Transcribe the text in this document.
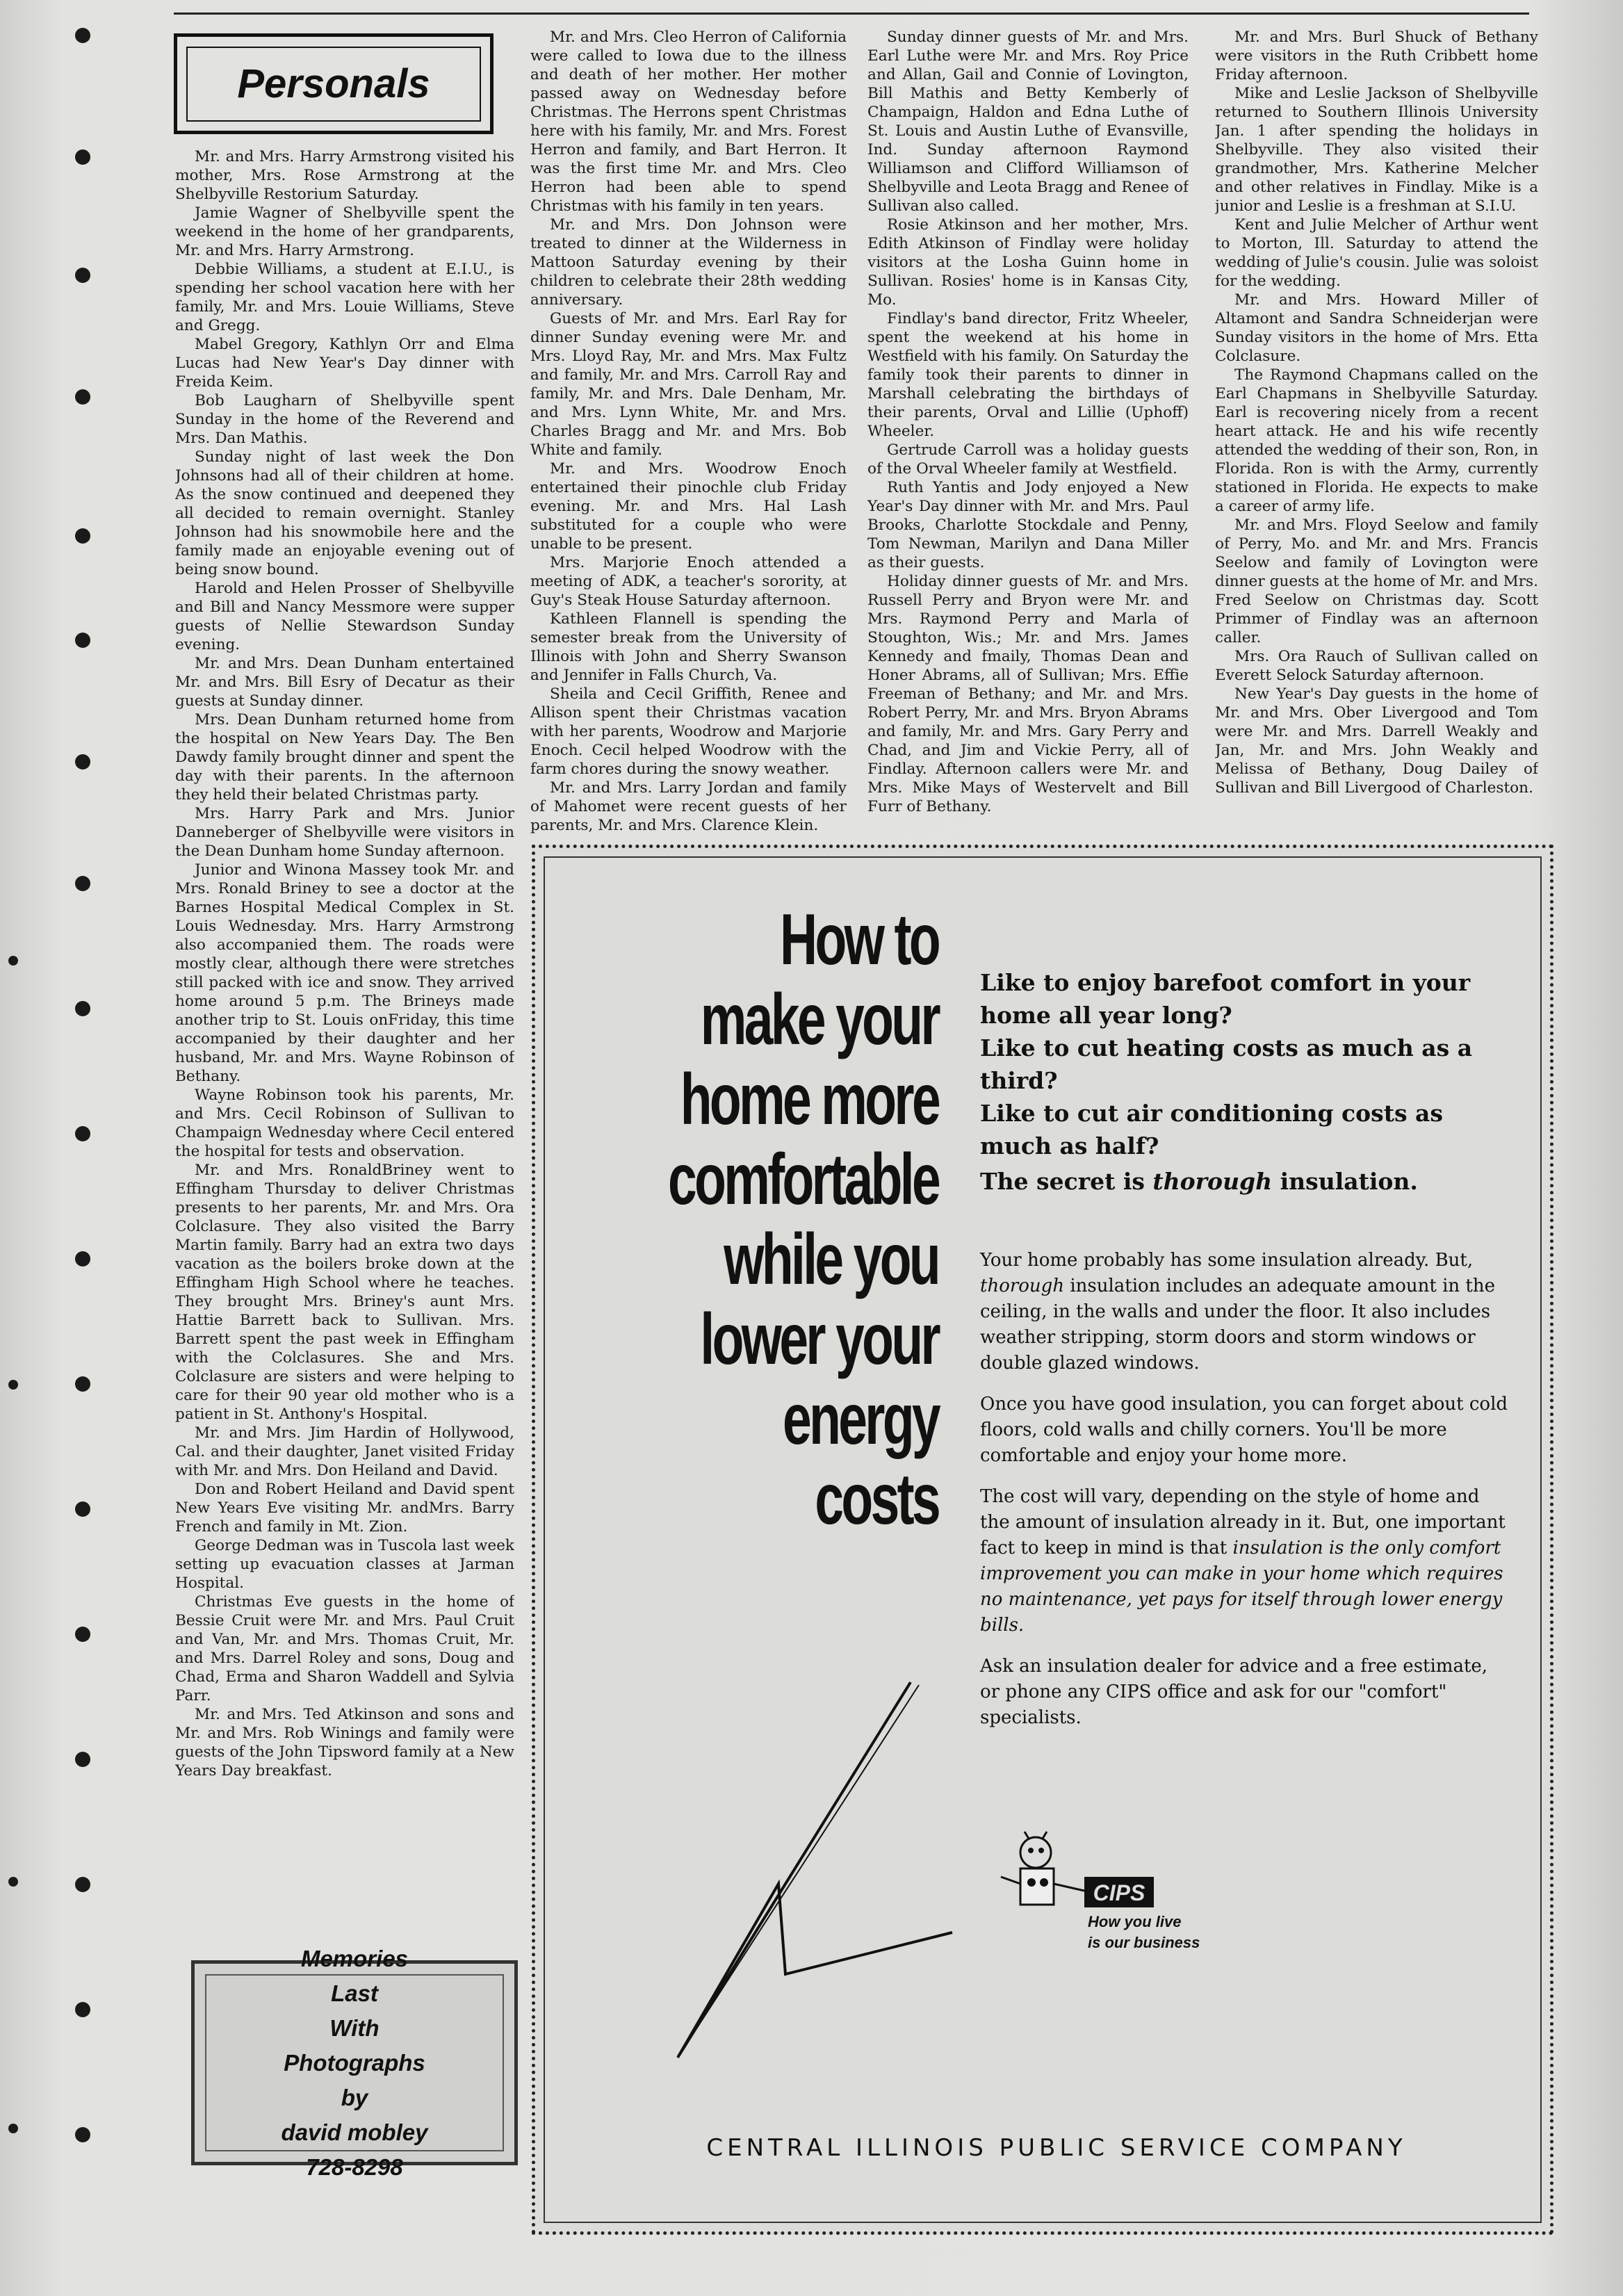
Personals

Mr. and Mrs. Harry Armstrong visited his mother, Mrs. Rose Armstrong at the Shelbyville Restorium Saturday.

Jamie Wagner of Shelbyville spent the weekend in the home of her grandparents, Mr. and Mrs. Harry Armstrong.

Debbie Williams, a student at E.I.U., is spending her school vacation here with her family, Mr. and Mrs. Louie Williams, Steve and Gregg.

Mabel Gregory, Kathlyn Orr and Elma Lucas had New Year's Day dinner with Freida Keim.

Bob Laugharn of Shelbyville spent Sunday in the home of the Reverend and Mrs. Dan Mathis.

Sunday night of last week the Don Johnsons had all of their children at home. As the snow continued and deepened they all decided to remain overnight. Stanley Johnson had his snowmobile here and the family made an enjoyable evening out of being snow bound.

Harold and Helen Prosser of Shelbyville and Bill and Nancy Messmore were supper guests of Nellie Stewardson Sunday evening.

Mr. and Mrs. Dean Dunham entertained Mr. and Mrs. Bill Esry of Decatur as their guests at Sunday dinner.

Mrs. Dean Dunham returned home from the hospital on New Years Day. The Ben Dawdy family brought dinner and spent the day with their parents. In the afternoon they held their belated Christmas party.

Mrs. Harry Park and Mrs. Junior Danneberger of Shelbyville were visitors in the Dean Dunham home Sunday afternoon.

Junior and Winona Massey took Mr. and Mrs. Ronald Briney to see a doctor at the Barnes Hospital Medical Complex in St. Louis Wednesday. Mrs. Harry Armstrong also accompanied them. The roads were mostly clear, although there were stretches still packed with ice and snow. They arrived home around 5 p.m. The Brineys made another trip to St. Louis onFriday, this time accompanied by their daughter and her husband, Mr. and Mrs. Wayne Robinson of Bethany.

Wayne Robinson took his parents, Mr. and Mrs. Cecil Robinson of Sullivan to Champaign Wednesday where Cecil entered the hospital for tests and observation.

Mr. and Mrs. RonaldBriney went to Effingham Thursday to deliver Christmas presents to her parents, Mr. and Mrs. Ora Colclasure. They also visited the Barry Martin family. Barry had an extra two days vacation as the boilers broke down at the Effingham High School where he teaches. They brought Mrs. Briney's aunt Mrs. Hattie Barrett back to Sullivan. Mrs. Barrett spent the past week in Effingham with the Colclasures. She and Mrs. Colclasure are sisters and were helping to care for their 90 year old mother who is a patient in St. Anthony's Hospital.

Mr. and Mrs. Jim Hardin of Hollywood, Cal. and their daughter, Janet visited Friday with Mr. and Mrs. Don Heiland and David.

Don and Robert Heiland and David spent New Years Eve visiting Mr. andMrs. Barry French and family in Mt. Zion.

George Dedman was in Tuscola last week setting up evacuation classes at Jarman Hospital.

Christmas Eve guests in the home of Bessie Cruit were Mr. and Mrs. Paul Cruit and Van, Mr. and Mrs. Thomas Cruit, Mr. and Mrs. Darrel Roley and sons, Doug and Chad, Erma and Sharon Waddell and Sylvia Parr.

Mr. and Mrs. Ted Atkinson and sons and Mr. and Mrs. Rob Winings and family were guests of the John Tipsword family at a New Years Day breakfast.

Mr. and Mrs. Cleo Herron of California were called to Iowa due to the illness and death of her mother. Her mother passed away on Wednesday before Christmas. The Herrons spent Christmas here with his family, Mr. and Mrs. Forest Herron and family, and Bart Herron. It was the first time Mr. and Mrs. Cleo Herron had been able to spend Christmas with his family in ten years.

Mr. and Mrs. Don Johnson were treated to dinner at the Wilderness in Mattoon Saturday evening by their children to celebrate their 28th wedding anniversary.

Guests of Mr. and Mrs. Earl Ray for dinner Sunday evening were Mr. and Mrs. Lloyd Ray, Mr. and Mrs. Max Fultz and family, Mr. and Mrs. Carroll Ray and family, Mr. and Mrs. Dale Denham, Mr. and Mrs. Lynn White, Mr. and Mrs. Charles Bragg and Mr. and Mrs. Bob White and family.

Mr. and Mrs. Woodrow Enoch entertained their pinochle club Friday evening. Mr. and Mrs. Hal Lash substituted for a couple who were unable to be present.

Mrs. Marjorie Enoch attended a meeting of ADK, a teacher's sorority, at Guy's Steak House Saturday afternoon.

Kathleen Flannell is spending the semester break from the University of Illinois with John and Sherry Swanson and Jennifer in Falls Church, Va.

Sheila and Cecil Griffith, Renee and Allison spent their Christmas vacation with her parents, Woodrow and Marjorie Enoch. Cecil helped Woodrow with the farm chores during the snowy weather.

Mr. and Mrs. Larry Jordan and family of Mahomet were recent guests of her parents, Mr. and Mrs. Clarence Klein.

Sunday dinner guests of Mr. and Mrs. Earl Luthe were Mr. and Mrs. Roy Price and Allan, Gail and Connie of Lovington, Bill Mathis and Betty Kemberly of Champaign, Haldon and Edna Luthe of St. Louis and Austin Luthe of Evansville, Ind. Sunday afternoon Raymond Williamson and Clifford Williamson of Shelbyville and Leota Bragg and Renee of Sullivan also called.

Rosie Atkinson and her mother, Mrs. Edith Atkinson of Findlay were holiday visitors at the Losha Guinn home in Sullivan. Rosies' home is in Kansas City, Mo.

Findlay's band director, Fritz Wheeler, spent the weekend at his home in Westfield with his family. On Saturday the family took their parents to dinner in Marshall celebrating the birthdays of their parents, Orval and Lillie (Uphoff) Wheeler.

Gertrude Carroll was a holiday guests of the Orval Wheeler family at Westfield.

Ruth Yantis and Jody enjoyed a New Year's Day dinner with Mr. and Mrs. Paul Brooks, Charlotte Stockdale and Penny, Tom Newman, Marilyn and Dana Miller as their guests.

Holiday dinner guests of Mr. and Mrs. Russell Perry and Bryon were Mr. and Mrs. Raymond Perry and Marla of Stoughton, Wis.; Mr. and Mrs. James Kennedy and fmaily, Thomas Dean and Honer Abrams, all of Sullivan; Mrs. Effie Freeman of Bethany; and Mr. and Mrs. Robert Perry, Mr. and Mrs. Bryon Abrams and family, Mr. and Mrs. Gary Perry and Chad, and Jim and Vickie Perry, all of Findlay. Afternoon callers were Mr. and Mrs. Mike Mays of Westervelt and Bill Furr of Bethany.

Mr. and Mrs. Burl Shuck of Bethany were visitors in the Ruth Cribbett home Friday afternoon.

Mike and Leslie Jackson of Shelbyville returned to Southern Illinois University Jan. 1 after spending the holidays in Shelbyville. They also visited their grandmother, Mrs. Katherine Melcher and other relatives in Findlay. Mike is a junior and Leslie is a freshman at S.I.U.

Kent and Julie Melcher of Arthur went to Morton, Ill. Saturday to attend the wedding of Julie's cousin. Julie was soloist for the wedding.

Mr. and Mrs. Howard Miller of Altamont and Sandra Schneiderjan were Sunday visitors in the home of Mrs. Etta Colclasure.

The Raymond Chapmans called on the Earl Chapmans in Shelbyville Saturday. Earl is recovering nicely from a recent heart attack. He and his wife recently attended the wedding of their son, Ron, in Florida. Ron is with the Army, currently stationed in Florida. He expects to make a career of army life.

Mr. and Mrs. Floyd Seelow and family of Perry, Mo. and Mr. and Mrs. Francis Seelow and family of Lovington were dinner guests at the home of Mr. and Mrs. Fred Seelow on Christmas day. Scott Primmer of Findlay was an afternoon caller.

Mrs. Ora Rauch of Sullivan called on Everett Selock Saturday afternoon.

New Year's Day guests in the home of Mr. and Mrs. Ober Livergood and Tom were Mr. and Mrs. Darrell Weakly and Jan, Mr. and Mrs. John Weakly and Melissa of Bethany, Doug Dailey of Sullivan and Bill Livergood of Charleston.

Memories
Last
With
Photographs
by
david mobley
728-8298
How to
make your
home more
comfortable
while you
lower your
energy
costs
Like to enjoy barefoot comfort in your home all year long?
Like to cut heating costs as much as a third?
Like to cut air conditioning costs as much as half?
The secret is thorough insulation.

Your home probably has some insulation already. But, thorough insulation includes an adequate amount in the ceiling, in the walls and under the floor. It also includes weather stripping, storm doors and storm windows or double glazed windows.

Once you have good insulation, you can forget about cold floors, cold walls and chilly corners. You'll be more comfortable and enjoy your home more.

The cost will vary, depending on the style of home and the amount of insulation already in it. But, one important fact to keep in mind is that insulation is the only comfort improvement you can make in your home which requires no maintenance, yet pays for itself through lower energy bills.

Ask an insulation dealer for advice and a free estimate, or phone any CIPS office and ask for our "comfort" specialists.

CIPS
How you live
is our business
CENTRAL ILLINOIS PUBLIC SERVICE COMPANY
